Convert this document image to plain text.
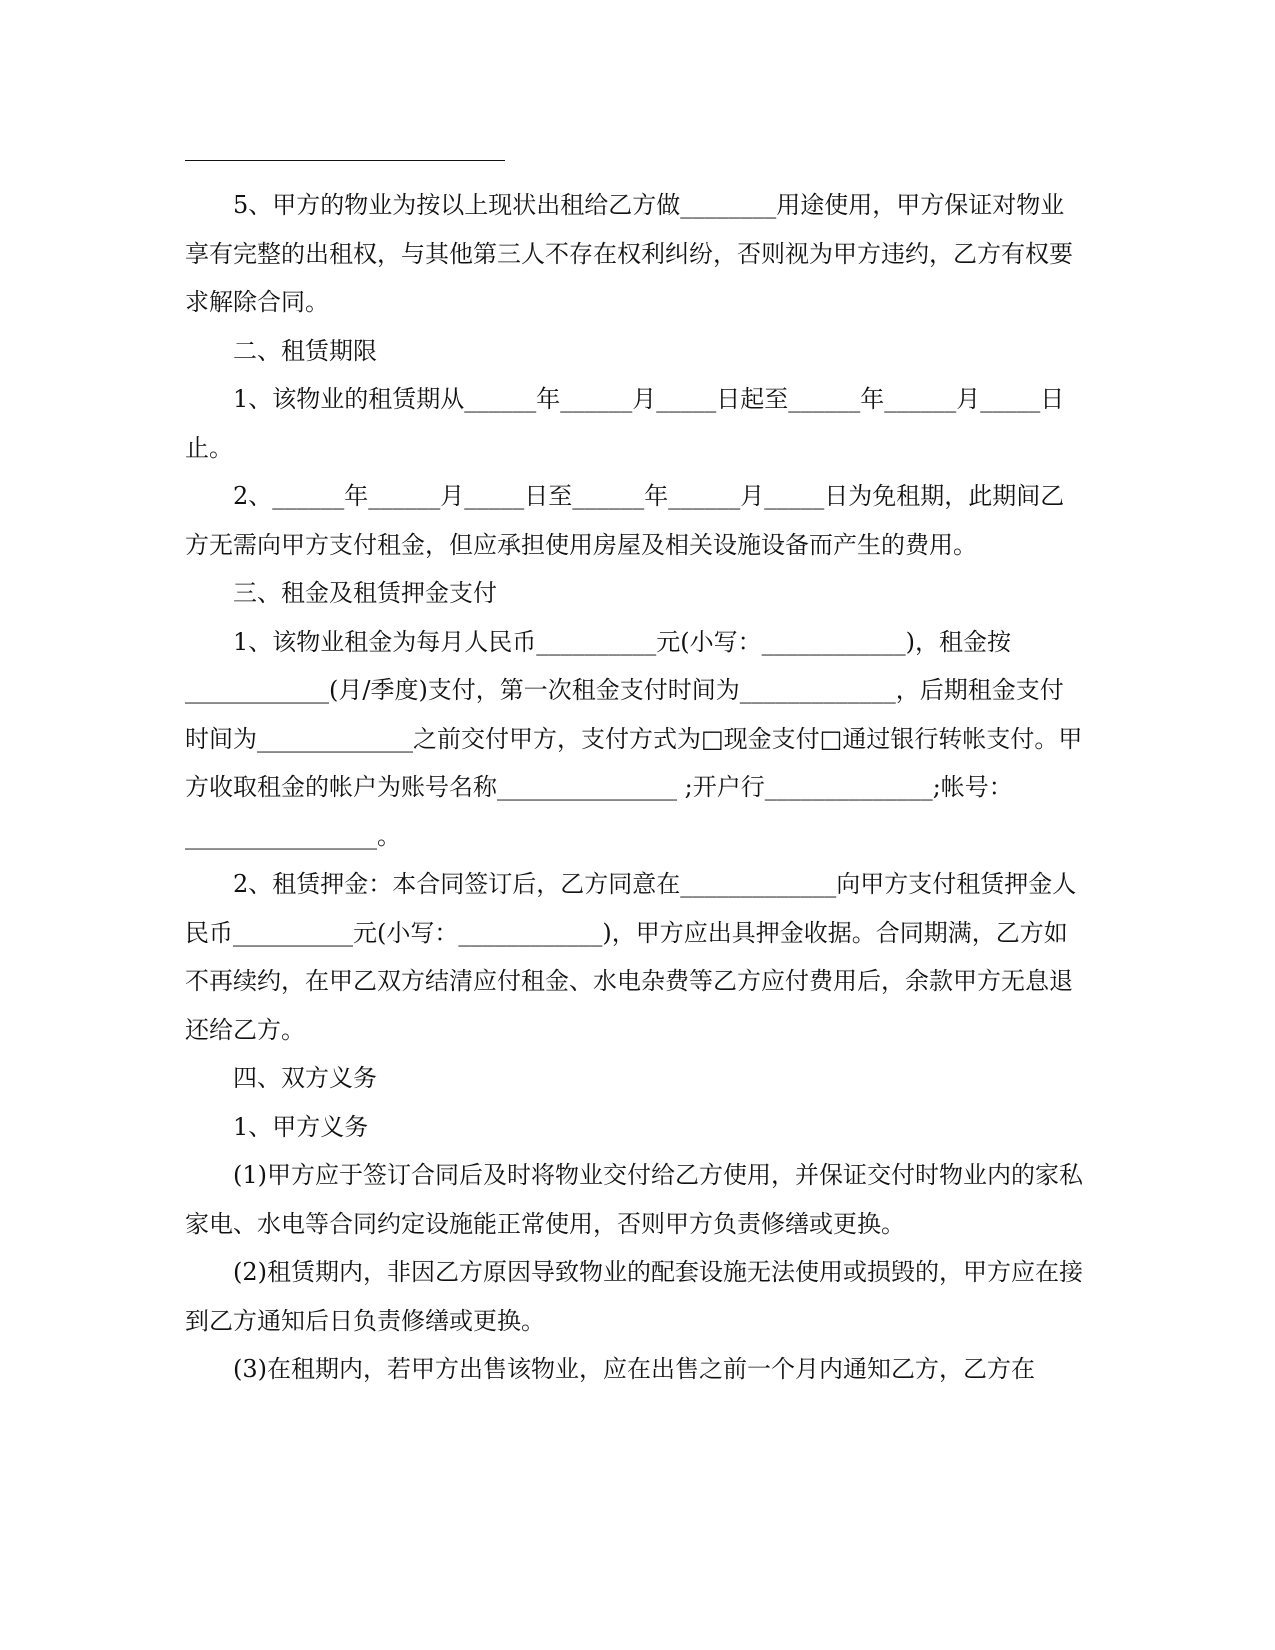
5、甲方的物业为按以上现状出租给乙方做________用途使用，甲方保证对物业享有完整的出租权，与其他第三人不存在权利纠纷，否则视为甲方违约，乙方有权要求解除合同。

二、租赁期限

1、该物业的租赁期从______年______月_____日起至______年______月_____日止。

2、______年______月_____日至______年______月_____日为免租期，此期间乙方无需向甲方支付租金，但应承担使用房屋及相关设施设备而产生的费用。

三、租金及租赁押金支付

1、该物业租金为每月人民币__________元(小写：____________)，租金按____________(月/季度)支付，第一次租金支付时间为_____________，后期租金支付时间为_____________之前交付甲方，支付方式为□现金支付□通过银行转帐支付。甲方收取租金的帐户为账号名称_______________ ;开户行______________;帐号：________________。

2、租赁押金：本合同签订后，乙方同意在_____________向甲方支付租赁押金人民币__________元(小写：____________)，甲方应出具押金收据。合同期满，乙方如不再续约，在甲乙双方结清应付租金、水电杂费等乙方应付费用后，余款甲方无息退还给乙方。

四、双方义务

1、甲方义务

(1)甲方应于签订合同后及时将物业交付给乙方使用，并保证交付时物业内的家私家电、水电等合同约定设施能正常使用，否则甲方负责修缮或更换。

(2)租赁期内，非因乙方原因导致物业的配套设施无法使用或损毁的，甲方应在接到乙方通知后日负责修缮或更换。

(3)在租期内，若甲方出售该物业，应在出售之前一个月内通知乙方，乙方在
